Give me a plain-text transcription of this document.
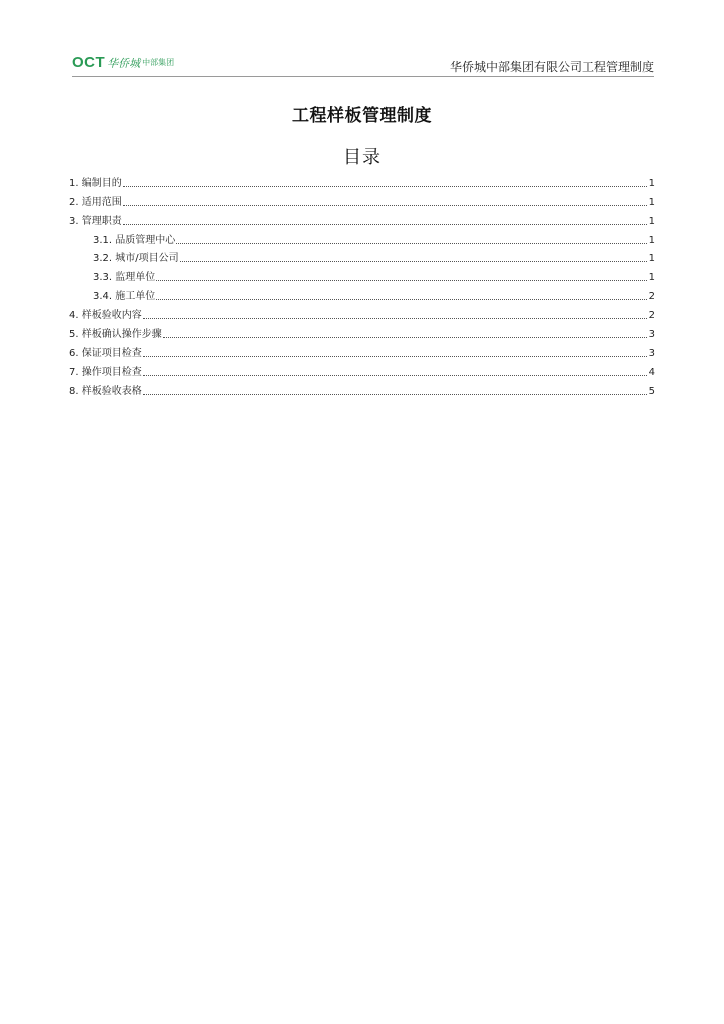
OCT 华侨城 中部集团	华侨城中部集团有限公司工程管理制度
工程样板管理制度
目录
1. 编制目的	1
2. 适用范围	1
3. 管理职责	1
3.1. 品质管理中心	1
3.2. 城市/项目公司	1
3.3. 监理单位	1
3.4. 施工单位	2
4. 样板验收内容	2
5. 样板确认操作步骤	3
6. 保证项目检查	3
7. 操作项目检查	4
8. 样板验收表格	5
